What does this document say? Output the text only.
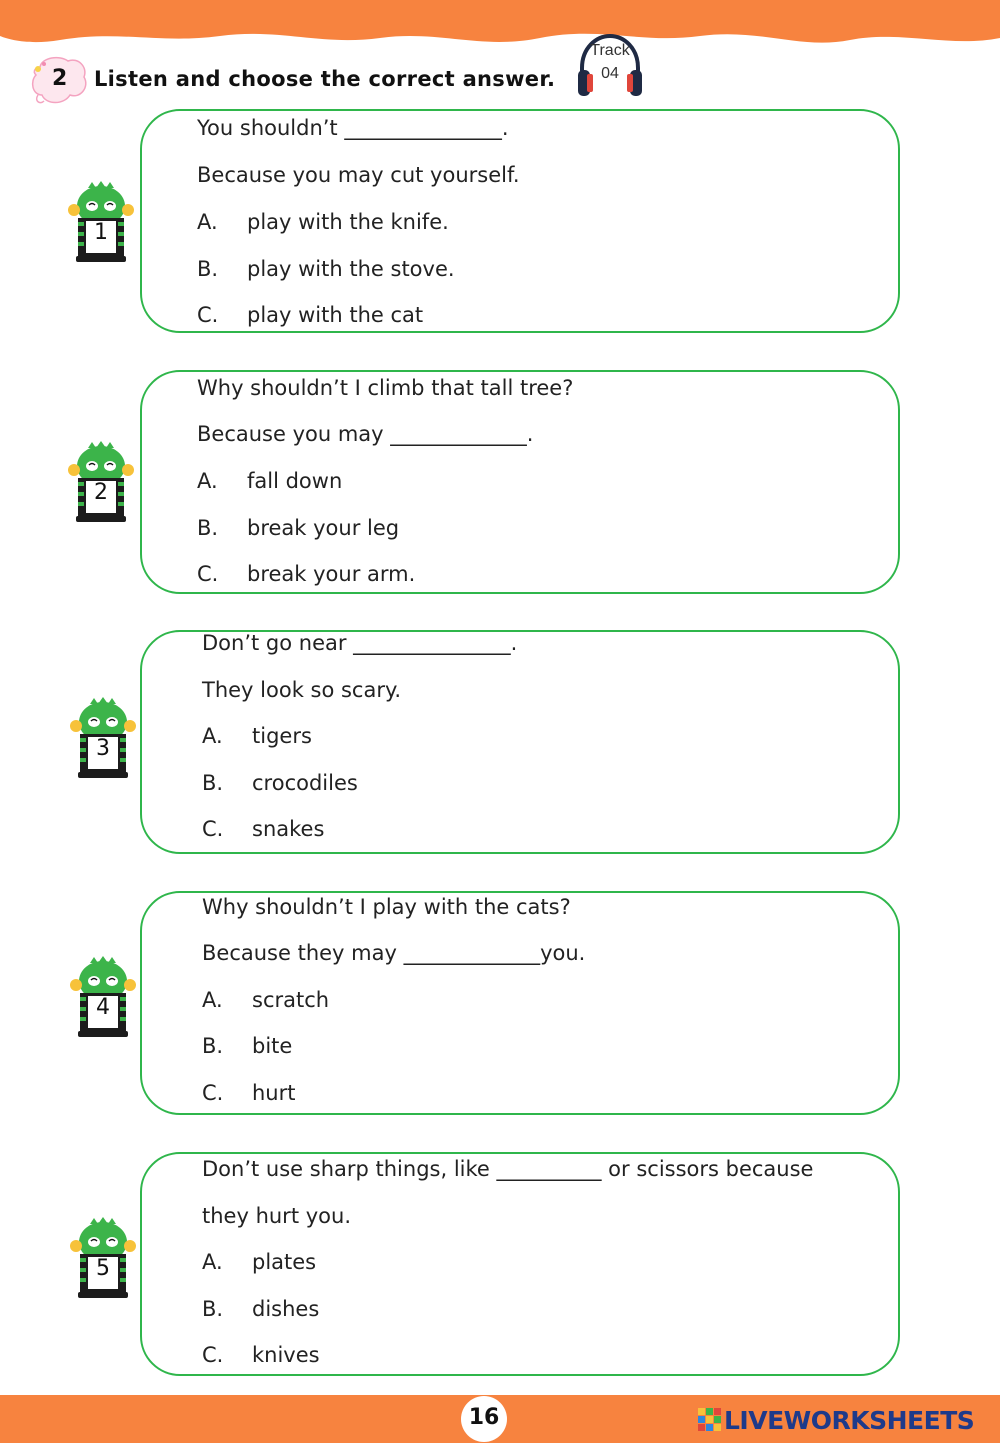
2 Listen and choose the correct answer.
Track
04
1
You shouldn’t _______________.
Because you may cut yourself.
A. play with the knife.
B. play with the stove.
C. play with the cat
2
Why shouldn’t I climb that tall tree?
Because you may _____________.
A. fall down
B. break your leg
C. break your arm.
3
Don’t go near _______________.
They look so scary.
A. tigers
B. crocodiles
C. snakes
4
Why shouldn’t I play with the cats?
Because they may _____________you.
A. scratch
B. bite
C. hurt
5
Don’t use sharp things, like __________ or scissors because
they hurt you.
A. plates
B. dishes
C. knives
16	LIVEWORKSHEETS
